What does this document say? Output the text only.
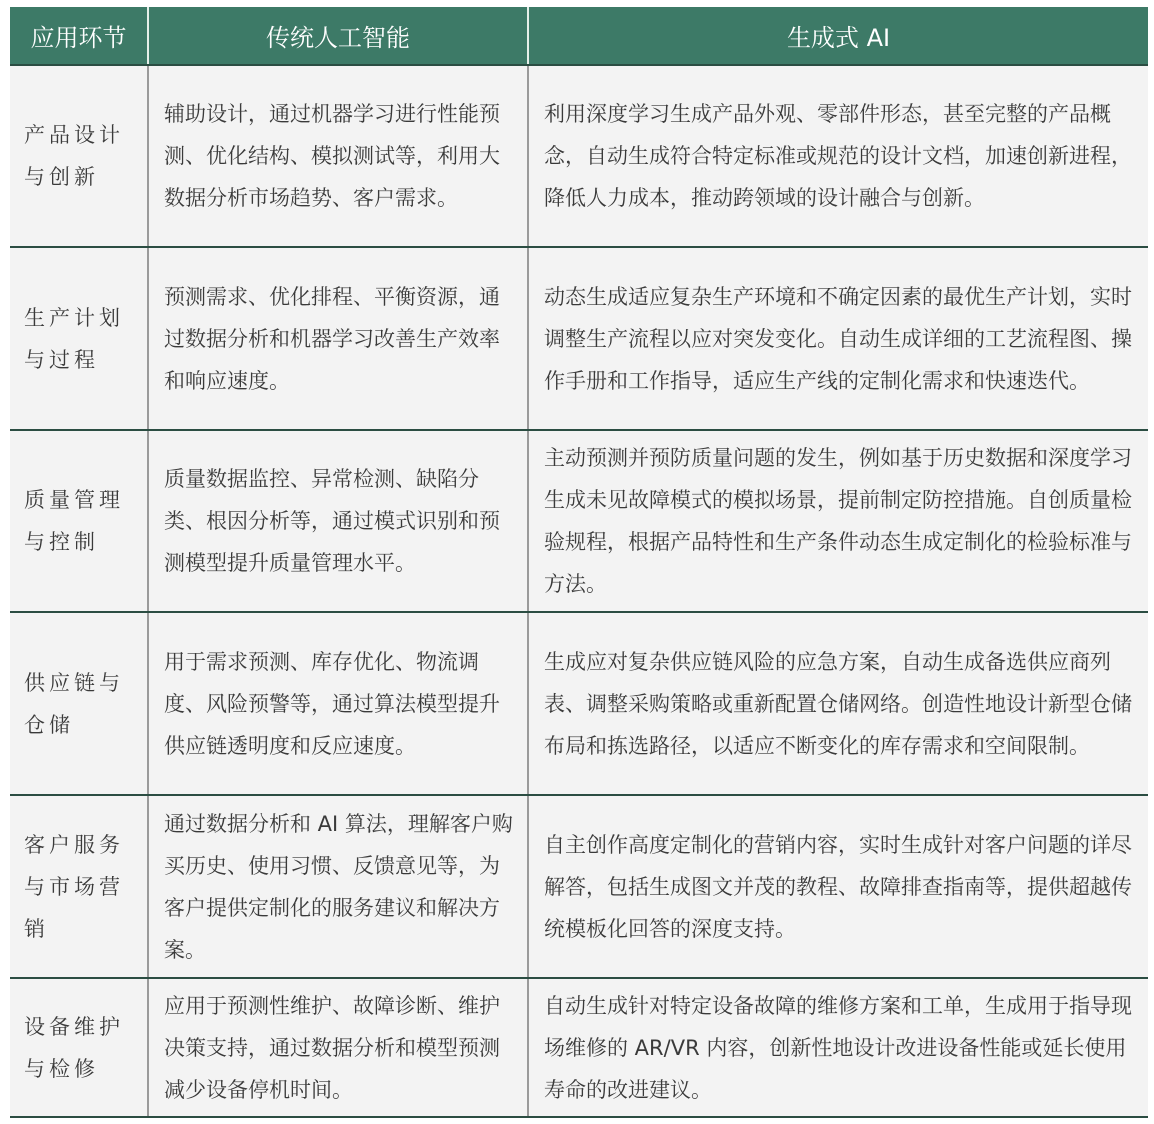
应用环节	传统人工智能	生成式 AI
产品设计与创新	辅助设计，通过机器学习进行性能预测、优化结构、模拟测试等，利用大数据分析市场趋势、客户需求。	利用深度学习生成产品外观、零部件形态，甚至完整的产品概念，自动生成符合特定标准或规范的设计文档，加速创新进程，降低人力成本，推动跨领域的设计融合与创新。
生产计划与过程	预测需求、优化排程、平衡资源，通过数据分析和机器学习改善生产效率和响应速度。	动态生成适应复杂生产环境和不确定因素的最优生产计划，实时调整生产流程以应对突发变化。自动生成详细的工艺流程图、操作手册和工作指导，适应生产线的定制化需求和快速迭代。
质量管理与控制	质量数据监控、异常检测、缺陷分类、根因分析等，通过模式识别和预测模型提升质量管理水平。	主动预测并预防质量问题的发生，例如基于历史数据和深度学习生成未见故障模式的模拟场景，提前制定防控措施。自创质量检验规程，根据产品特性和生产条件动态生成定制化的检验标准与方法。
供应链与仓储	用于需求预测、库存优化、物流调度、风险预警等，通过算法模型提升供应链透明度和反应速度。	生成应对复杂供应链风险的应急方案，自动生成备选供应商列表、调整采购策略或重新配置仓储网络。创造性地设计新型仓储布局和拣选路径，以适应不断变化的库存需求和空间限制。
客户服务与市场营销	通过数据分析和 AI 算法，理解客户购买历史、使用习惯、反馈意见等，为客户提供定制化的服务建议和解决方案。	自主创作高度定制化的营销内容，实时生成针对客户问题的详尽解答，包括生成图文并茂的教程、故障排查指南等，提供超越传统模板化回答的深度支持。
设备维护与检修	应用于预测性维护、故障诊断、维护决策支持，通过数据分析和模型预测减少设备停机时间。	自动生成针对特定设备故障的维修方案和工单，生成用于指导现场维修的 AR/VR 内容，创新性地设计改进设备性能或延长使用寿命的改进建议。
